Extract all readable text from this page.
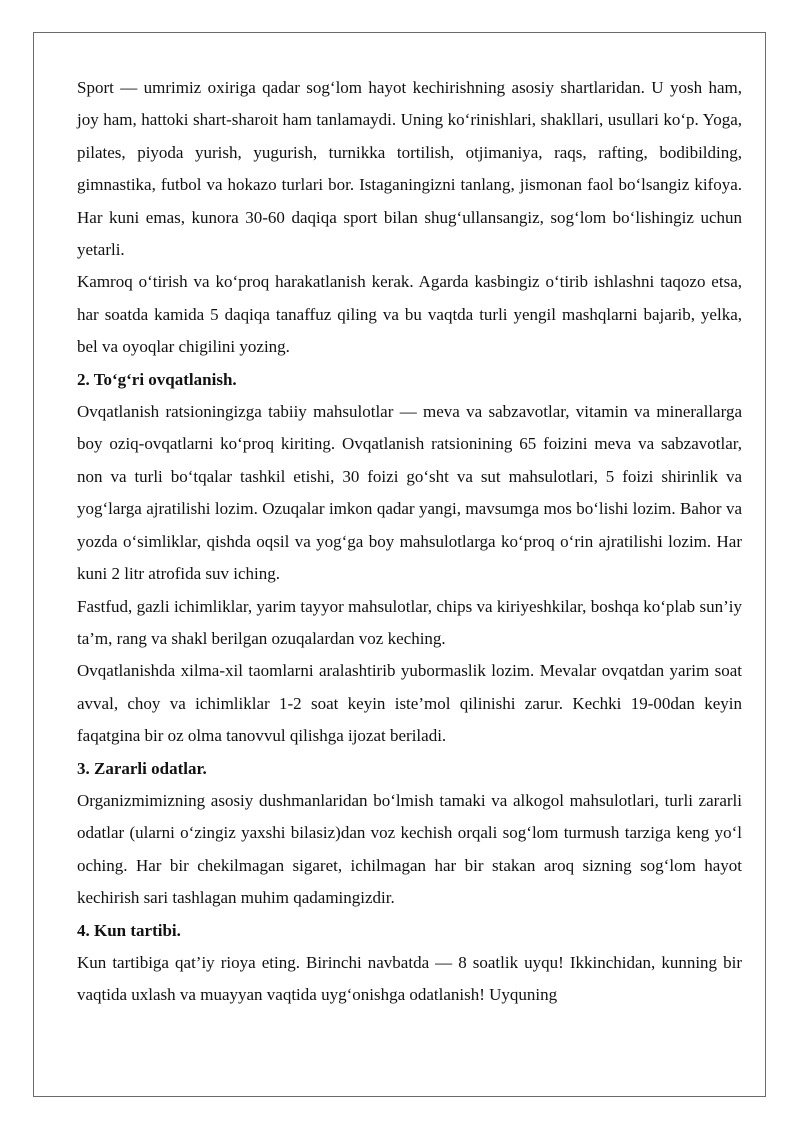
Sport — umrimiz oxiriga qadar sog‘lom hayot kechirishning asosiy shartlaridan. U yosh ham, joy ham, hattoki shart-sharoit ham tanlamaydi. Uning ko‘rinishlari, shakllari, usullari ko‘p. Yoga, pilates, piyoda yurish, yugurish, turnikka tortilish, otjimaniya, raqs, rafting, bodibilding, gimnastika, futbol va hokazo turlari bor. Istaganingizni tanlang, jismonan faol bo‘lsangiz kifoya. Har kuni emas, kunora 30-60 daqiqa sport bilan shug‘ullansangiz, sog‘lom bo‘lishingiz uchun yetarli.

Kamroq o‘tirish va ko‘proq harakatlanish kerak. Agarda kasbingiz o‘tirib ishlashni taqozo etsa, har soatda kamida 5 daqiqa tanaffuz qiling va bu vaqtda turli yengil mashqlarni bajarib, yelka, bel va oyoqlar chigilini yozing.

2. To‘g‘ri ovqatlanish.

Ovqatlanish ratsioningizga tabiiy mahsulotlar — meva va sabzavotlar, vitamin va minerallarga boy oziq-ovqatlarni ko‘proq kiriting. Ovqatlanish ratsionining 65 foizini meva va sabzavotlar, non va turli bo‘tqalar tashkil etishi, 30 foizi go‘sht va sut mahsulotlari, 5 foizi shirinlik va yog‘larga ajratilishi lozim. Ozuqalar imkon qadar yangi, mavsumga mos bo‘lishi lozim. Bahor va yozda o‘simliklar, qishda oqsil va yog‘ga boy mahsulotlarga ko‘proq o‘rin ajratilishi lozim. Har kuni 2 litr atrofida suv iching.

Fastfud, gazli ichimliklar, yarim tayyor mahsulotlar, chips va kiriyeshkilar, boshqa ko‘plab sun’iy ta’m, rang va shakl berilgan ozuqalardan voz keching.

Ovqatlanishda xilma-xil taomlarni aralashtirib yubormaslik lozim. Mevalar ovqatdan yarim soat avval, choy va ichimliklar 1-2 soat keyin iste’mol qilinishi zarur. Kechki 19-00dan keyin faqatgina bir oz olma tanovvul qilishga ijozat beriladi.

3. Zararli odatlar.

Organizmimizning asosiy dushmanlaridan bo‘lmish tamaki va alkogol mahsulotlari, turli zararli odatlar (ularni o‘zingiz yaxshi bilasiz)dan voz kechish orqali sog‘lom turmush tarziga keng yo‘l oching. Har bir chekilmagan sigaret, ichilmagan har bir stakan aroq sizning sog‘lom hayot kechirish sari tashlagan muhim qadamingizdir.

4. Kun tartibi.

Kun tartibiga qat’iy rioya eting. Birinchi navbatda — 8 soatlik uyqu! Ikkinchidan, kunning bir vaqtida uxlash va muayyan vaqtida uyg‘onishga odatlanish! Uyquning
